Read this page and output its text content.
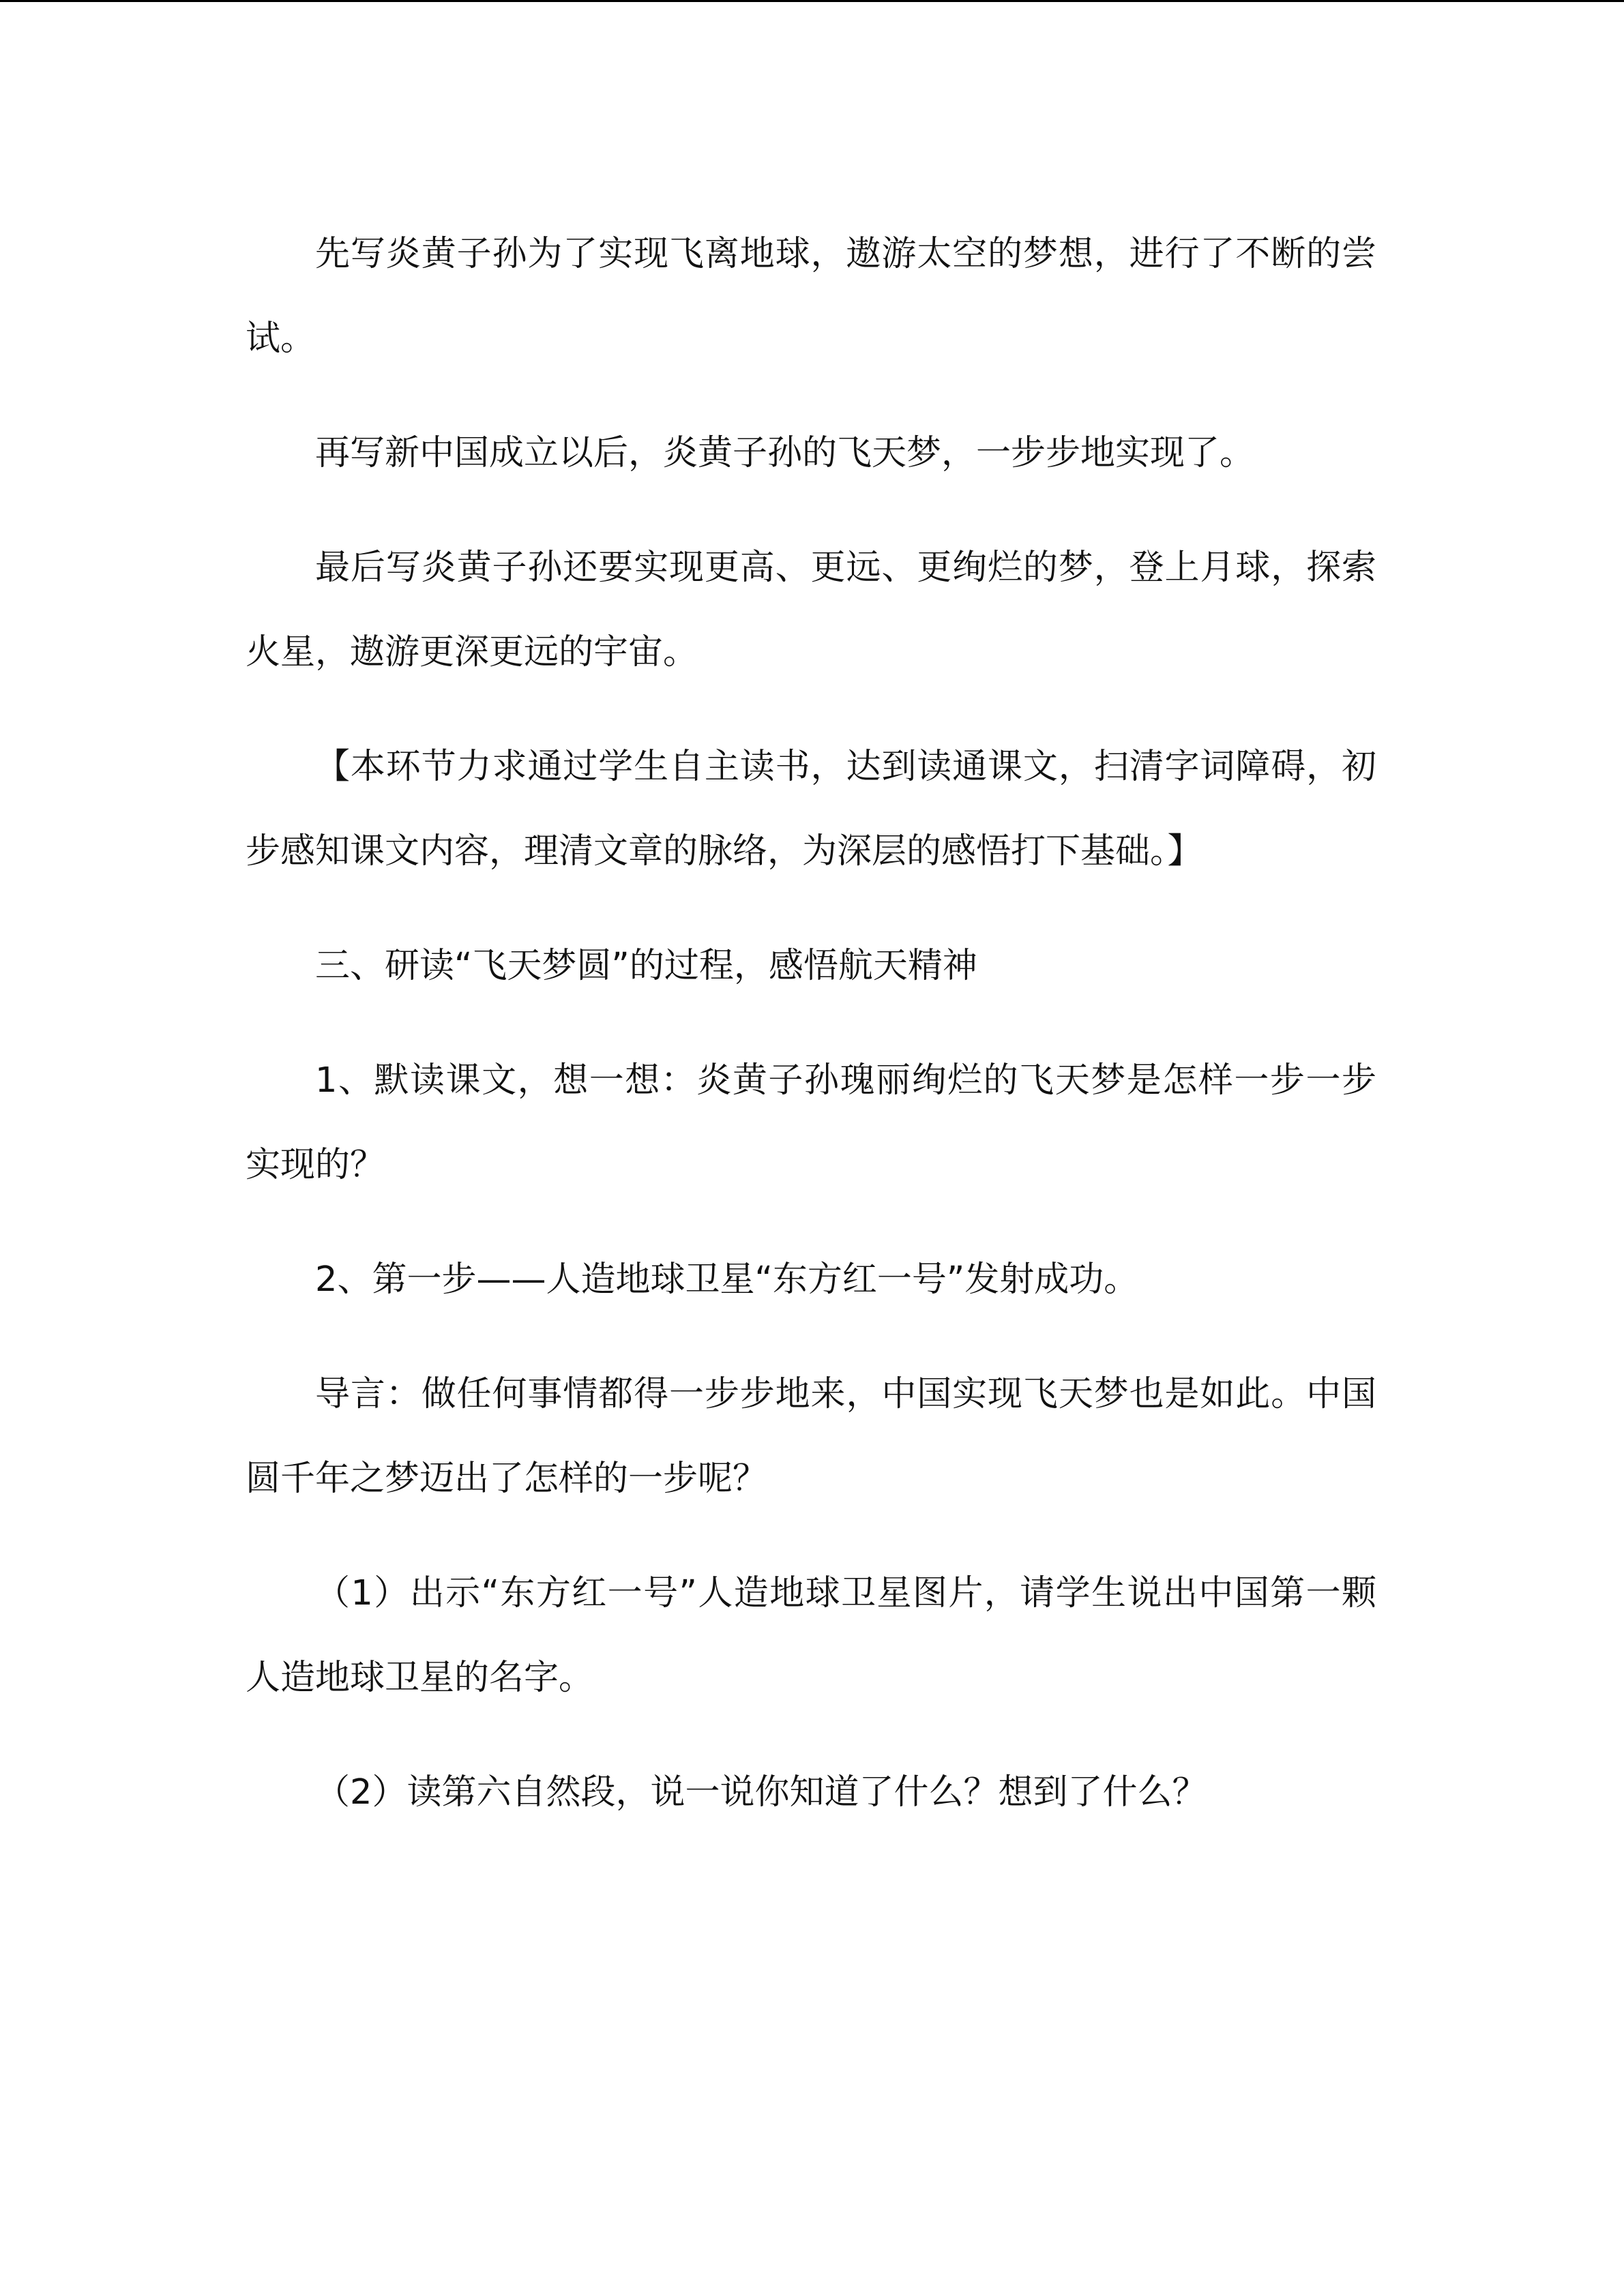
先写炎黄子孙为了实现飞离地球，遨游太空的梦想，进行了不断的尝试。

再写新中国成立以后，炎黄子孙的飞天梦，一步步地实现了。

最后写炎黄子孙还要实现更高、更远、更绚烂的梦，登上月球，探索火星，遨游更深更远的宇宙。

【本环节力求通过学生自主读书，达到读通课文，扫清字词障碍，初步感知课文内容，理清文章的脉络，为深层的感悟打下基础。】

三、研读“飞天梦圆”的过程，感悟航天精神

1、默读课文，想一想：炎黄子孙瑰丽绚烂的飞天梦是怎样一步一步实现的？

2、第一步——人造地球卫星“东方红一号”发射成功。

导言：做任何事情都得一步步地来，中国实现飞天梦也是如此。中国圆千年之梦迈出了怎样的一步呢？

（1）出示“东方红一号”人造地球卫星图片，请学生说出中国第一颗人造地球卫星的名字。

（2）读第六自然段，说一说你知道了什么？想到了什么？
